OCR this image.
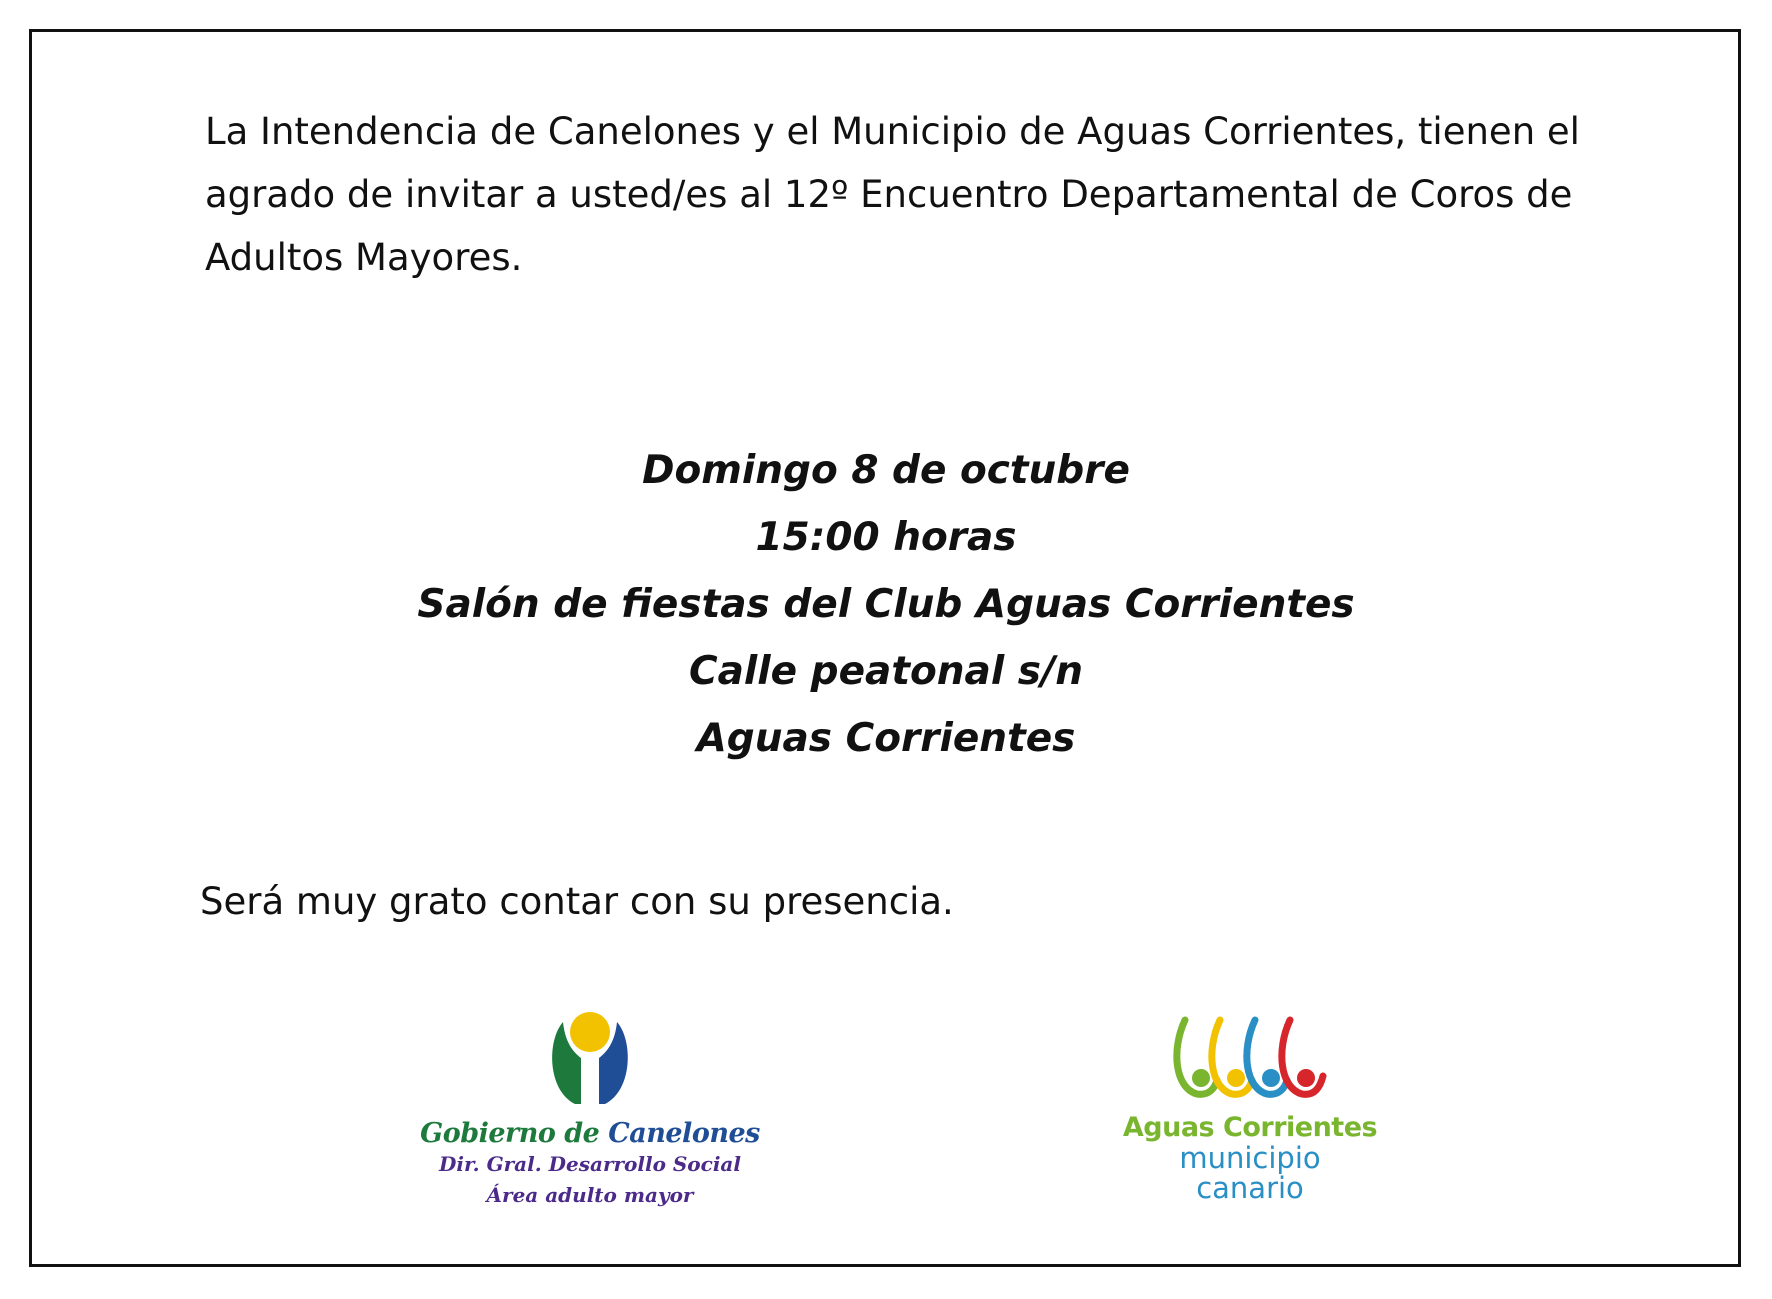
La Intendencia de Canelones y el Municipio de Aguas Corrientes, tienen el
agrado de invitar a usted/es al 12º Encuentro Departamental de Coros de
Adultos Mayores.
Domingo 8 de octubre
15:00 horas
Salón de fiestas del Club Aguas Corrientes
Calle peatonal s/n
Aguas Corrientes
Será muy grato contar con su presencia.
Gobierno de Canelones
Dir. Gral. Desarrollo Social
Área adulto mayor
Aguas Corrientes
municipio
canario
